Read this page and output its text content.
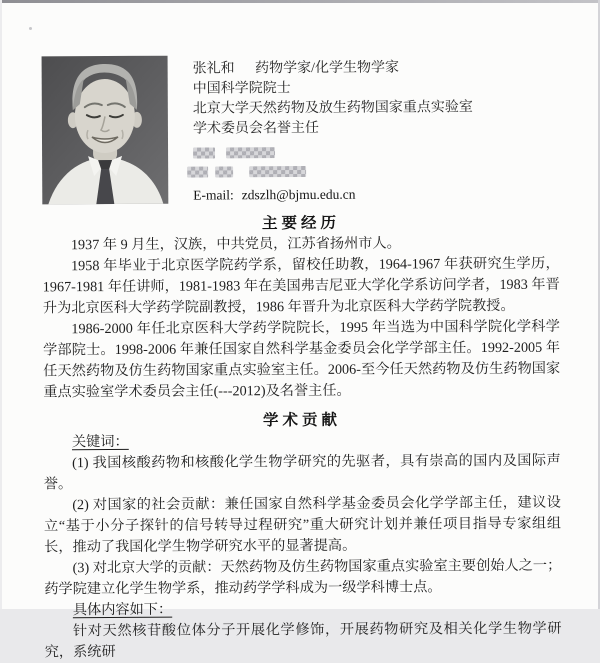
张礼和 药物学家/化学生物学家
中国科学院院士
北京大学天然药物及放生药物国家重点实验室
学术委员会名誉主任
E-mail: zdszlh@bjmu.edu.cn
主要经历

1937 年 9 月生，汉族，中共党员，江苏省扬州市人。

1958 年毕业于北京医学院药学系，留校任助教，1964-1967 年获研究生学历，1967-1981 年任讲师，1981-1983 年在美国弗吉尼亚大学化学系访问学者，1983 年晋升为北京医科大学药学院副教授，1986 年晋升为北京医科大学药学院教授。

1986-2000 年任北京医科大学药学院院长，1995 年当选为中国科学院化学科学学部院士。1998-2006 年兼任国家自然科学基金委员会化学学部主任。1992-2005 年任天然药物及仿生药物国家重点实验室主任。2006-至今任天然药物及仿生药物国家重点实验室学术委员会主任(---2012)及名誉主任。

学术贡献

关键词：

(1) 我国核酸药物和核酸化学生物学研究的先驱者，具有崇高的国内及国际声誉。

(2) 对国家的社会贡献：兼任国家自然科学基金委员会化学学部主任，建议设立“基于小分子探针的信号转导过程研究”重大研究计划并兼任项目指导专家组组长，推动了我国化学生物学研究水平的显著提高。

(3) 对北京大学的贡献：天然药物及仿生药物国家重点实验室主要创始人之一；药学院建立化学生物学系，推动药学学科成为一级学科博士点。

具体内容如下：

针对天然核苷酸位体分子开展化学修饰，开展药物研究及相关化学生物学研究，系统研
